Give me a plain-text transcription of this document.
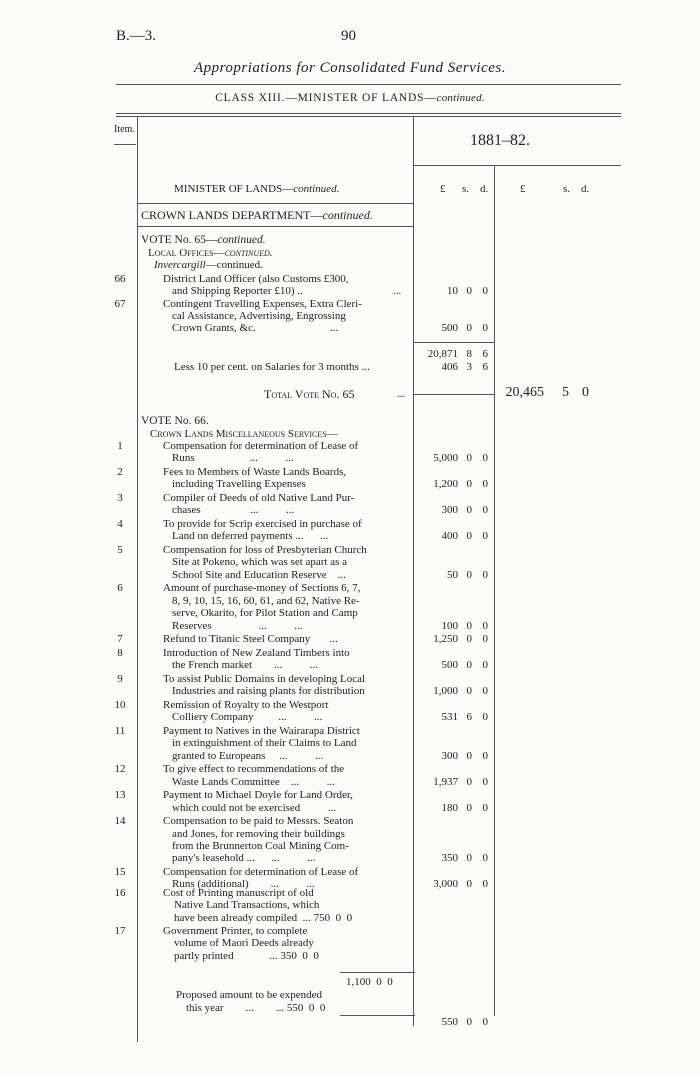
B.—3.	90
Appropriations for Consolidated Fund Services.
CLASS XIII.—MINISTER OF LANDS—continued.
Item.
1881–82.
MINISTER OF LANDS—continued.	£ s. d.	£	s. d.
CROWN LANDS DEPARTMENT—continued.
VOTE No. 65—continued.
Local Offices—continued.
Invercargill—continued.
66	District Land Officer (also Customs £300,
and Shipping Reporter £10) ..	...	10 0 0
67	Contingent Travelling Expenses, Extra Cleri-
cal Assistance, Advertising, Engrossing
Crown Grants, &c.	...	500 0 0
20,871 8 6
Less 10 per cent. on Salaries for 3 months ...	406 3 6
Total Vote No. 65	...	20,465	5 0
VOTE No. 66.
Crown Lands Miscellaneous Services—
1	Compensation for determination of Lease of
Runs                    ...          ...	5,000 0 0
2	Fees to Members of Waste Lands Boards,
including Travelling Expenses	1,200 0 0
3	Compiler of Deeds of old Native Land Pur-
chases                  ...          ...	300 0 0
4	To provide for Scrip exercised in purchase of
Land on deferred payments ...      ...	400 0 0
5	Compensation for loss of Presbyterian Church
Site at Pokeno, which was set apart as a
School Site and Education Reserve    ...	50 0 0
6	Amount of purchase-money of Sections 6, 7,
8, 9, 10, 15, 16, 60, 61, and 62, Native Re-
serve, Okarito, for Pilot Station and Camp
Reserves                 ...          ...	100 0 0
7	Refund to Titanic Steel Company       ...	1,250 0 0
8	Introduction of New Zealand Timbers into
the French market        ...          ...	500 0 0
9	To assist Public Domains in developing Local
Industries and raising plants for distribution	1,000 0 0
10	Remission of Royalty to the Westport
Colliery Company         ...          ...	531 6 0
11	Payment to Natives in the Wairarapa District
in extinguishment of their Claims to Land
granted to Europeans     ...          ...	300 0 0
12	To give effect to recommendations of the
Waste Lands Committee    ...          ...	1,937 0 0
13	Payment to Michael Doyle for Land Order,
which could not be exercised          ...	180 0 0
14	Compensation to be paid to Messrs. Seaton
and Jones, for removing their buildings
from the Brunnerton Coal Mining Com-
pany's leasehold ...      ...          ...	350 0 0
15	Compensation for determination of Lease of
Runs (additional)        ...          ...	3,000 0 0
16	Cost of Printing manuscript of old
Native Land Transactions, which
have been already compiled  ... 750  0  0
17	Government Printer, to complete
volume of Maori Deeds already
partly printed             ... 350  0  0
1,100  0  0
Proposed amount to be expended
this year        ...        ... 550  0  0
550 0 0
